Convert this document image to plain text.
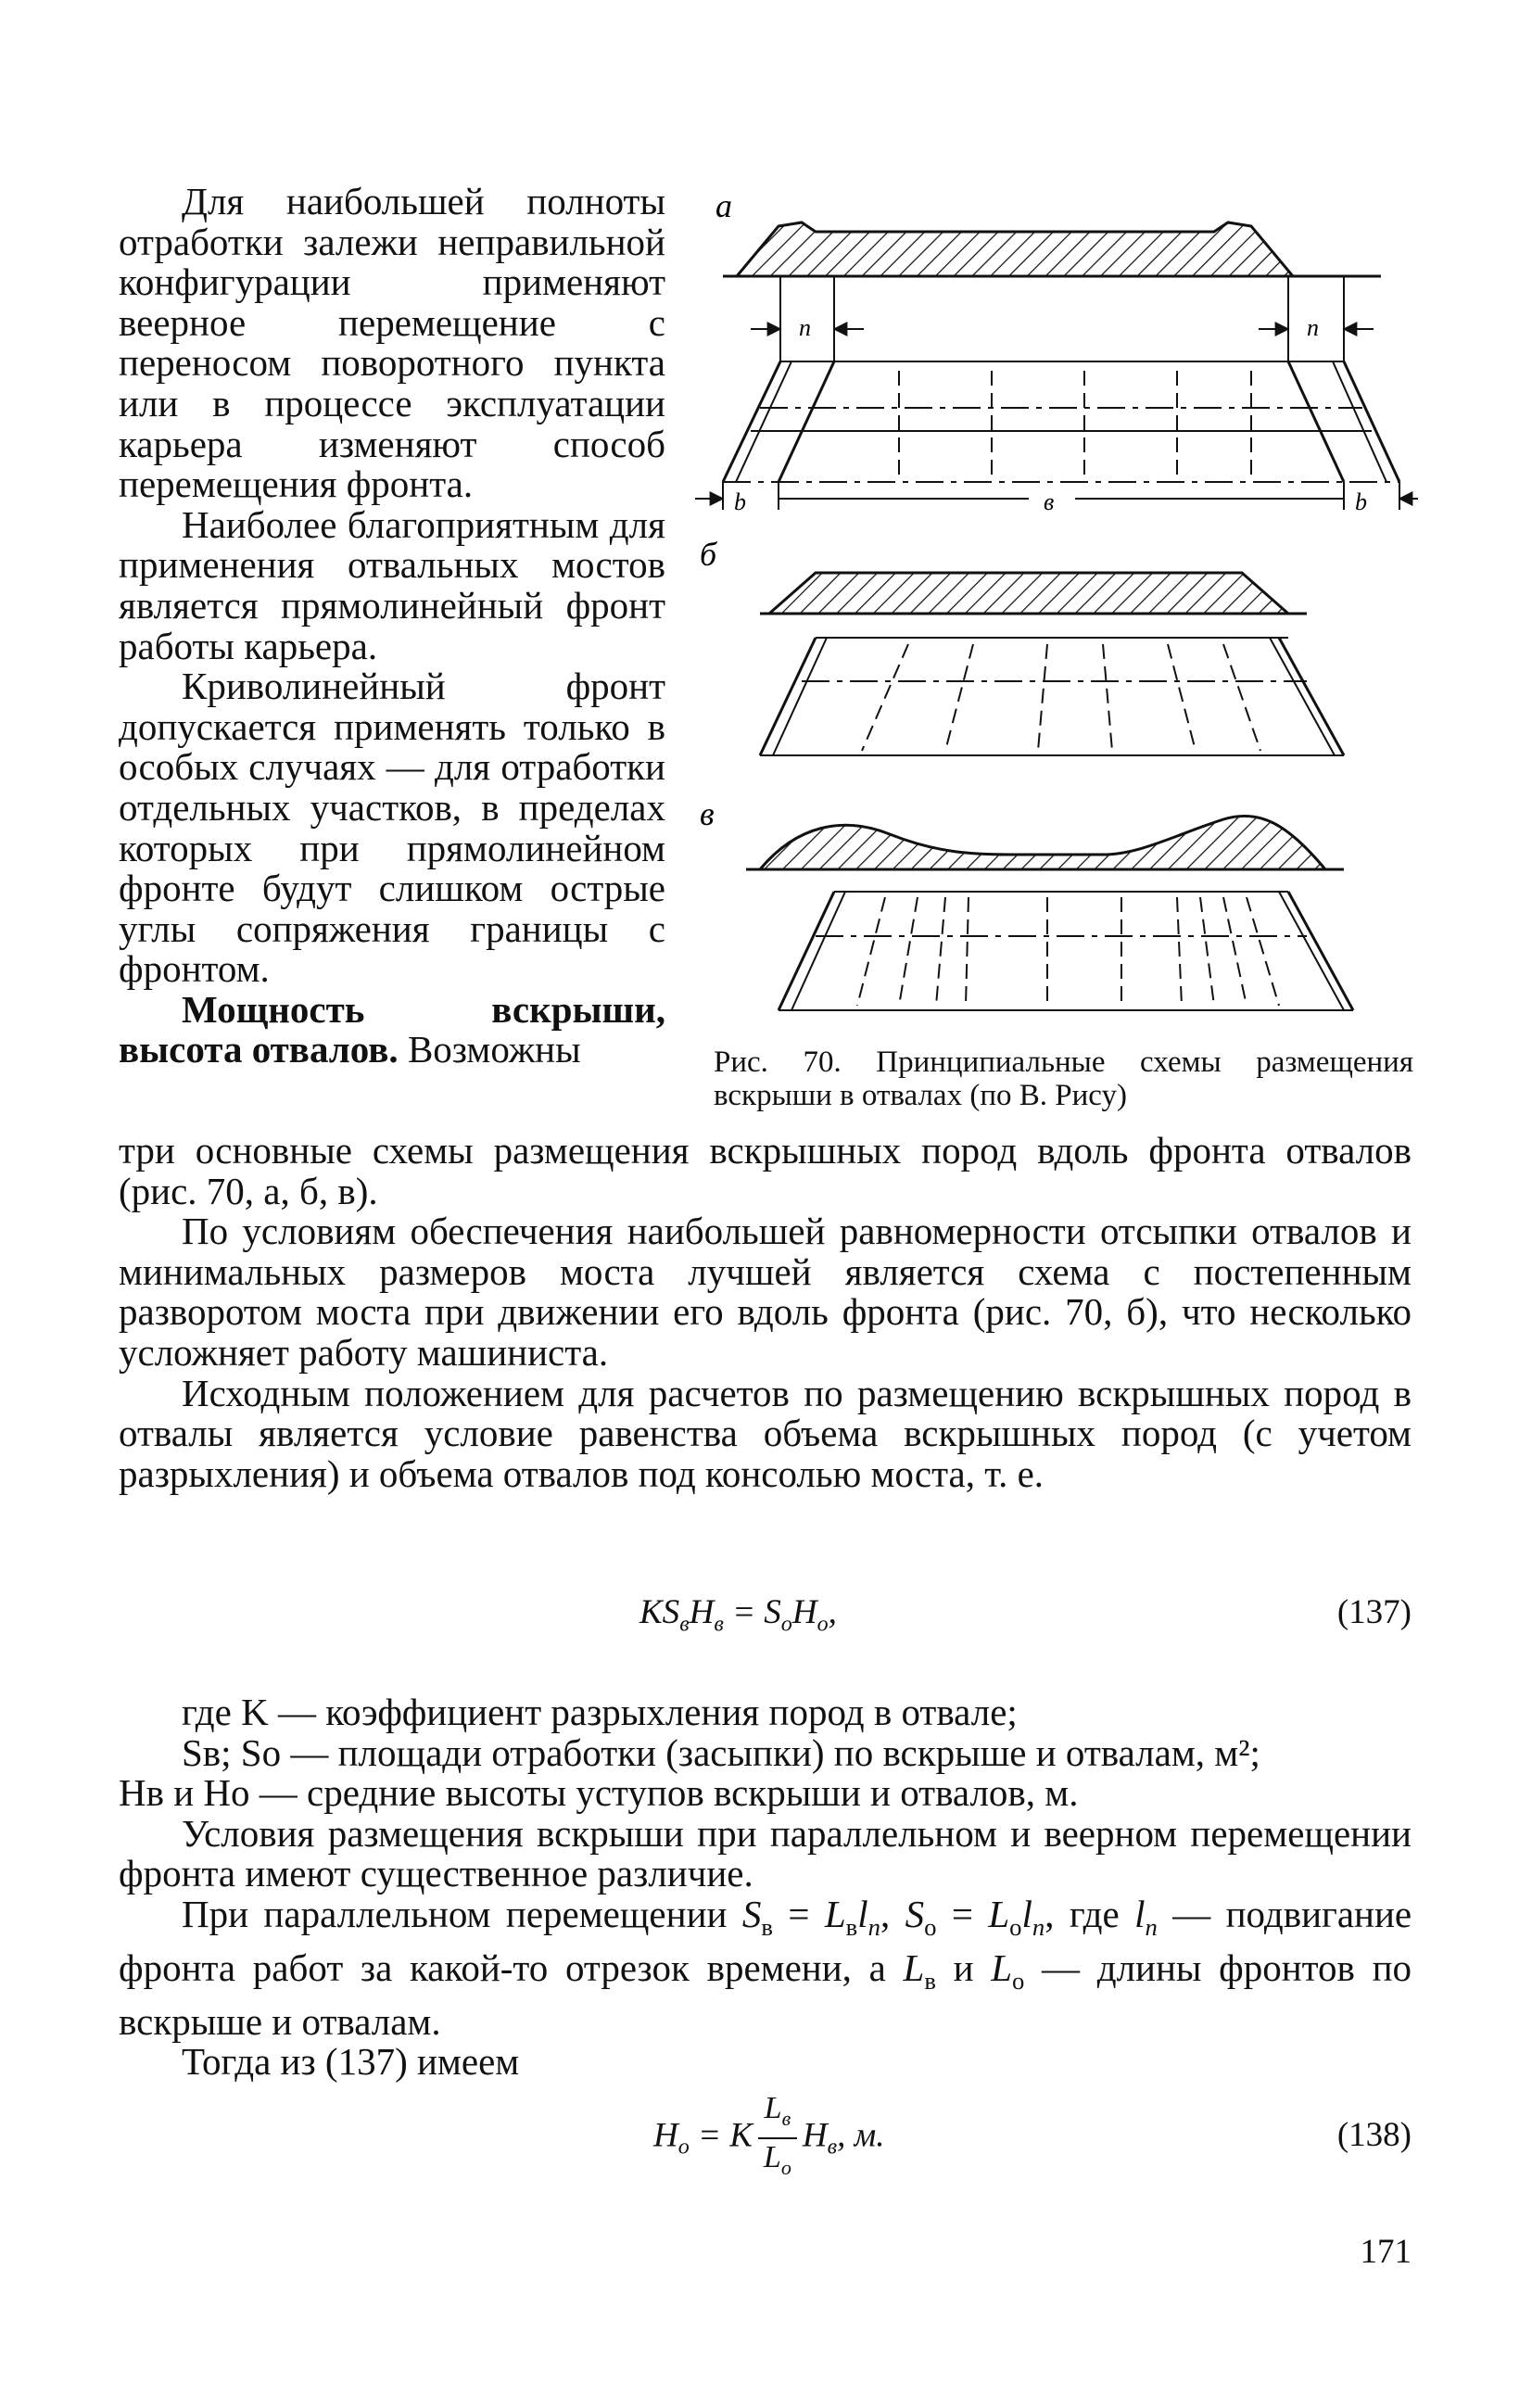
Для наибольшей полноты отработки залежи неправильной конфигурации применяют веерное перемещение с переносом поворотного пункта или в процессе эксплуатации карьера изменяют способ перемещения фронта.

Наиболее благоприятным для применения отвальных мостов является прямолинейный фронт работы карьера.

Криволинейный фронт допускается применять только в особых случаях — для отработки отдельных участков, в пределах которых при прямолинейном фронте будут слишком острые углы сопряжения границы с фронтом.

Мощность вскрыши, высота отвалов. Возможны

а
n	n
b	в	b
б
в
Рис. 70. Принципиальные схемы размещения вскрыши в отвалах (по В. Рису)

три основные схемы размещения вскрышных пород вдоль фронта отвалов (рис. 70, а, б, в).

По условиям обеспечения наибольшей равномерности отсыпки отвалов и минимальных размеров моста лучшей является схема с постепенным разворотом моста при движении его вдоль фронта (рис. 70, б), что несколько усложняет работу машиниста.

Исходным положением для расчетов по размещению вскрышных пород в отвалы является условие равенства объема вскрышных пород (с учетом разрыхления) и объема отвалов под консолью моста, т. е.

$KS_вH_в = S_оH_о$,	(137)

где K — коэффициент разрыхления пород в отвале;

Sв; Sо — площади отработки (засыпки) по вскрыше и отвалам, м²;

Hв и Hо — средние высоты уступов вскрыши и отвалов, м.

Условия размещения вскрыши при параллельном и веерном перемещении фронта имеют существенное различие.

При параллельном перемещении $S_в = L_вl_n$, $S_о = L_оl_n$, где $l_n$ — подвигание фронта работ за какой-то отрезок времени, а $L_в$ и $L_о$ — длины фронтов по вскрыше и отвалам.

Тогда из (137) имеем

$H_о = K \frac{L_в}{L_о} H_в$, м.	(138)
171
